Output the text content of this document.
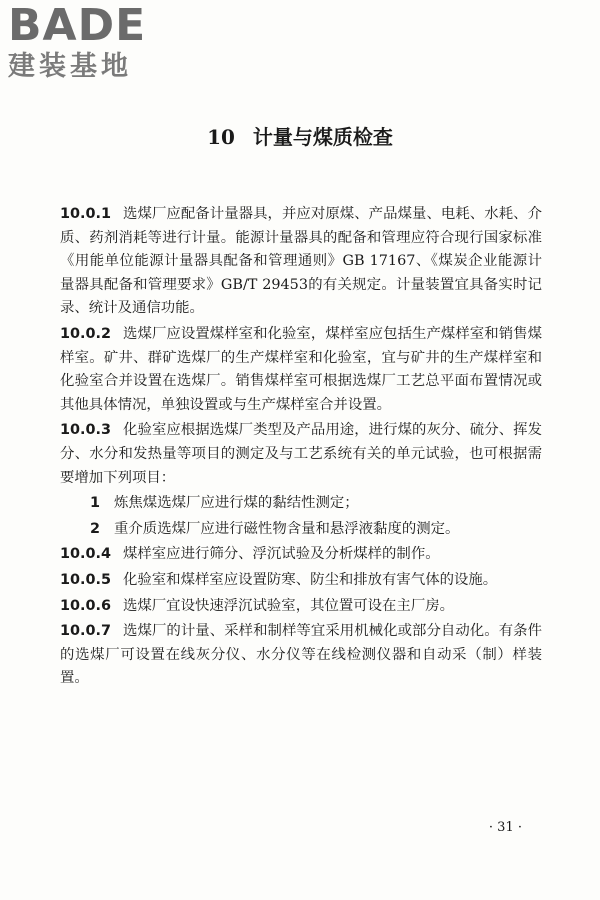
BADE
建装基地
10 计量与煤质检查

10.0.1 选煤厂应配备计量器具，并应对原煤、产品煤量、电耗、水耗、介质、药剂消耗等进行计量。能源计量器具的配备和管理应符合现行国家标准《用能单位能源计量器具配备和管理通则》GB 17167、《煤炭企业能源计量器具配备和管理要求》GB/T 29453的有关规定。计量装置宜具备实时记录、统计及通信功能。

10.0.2 选煤厂应设置煤样室和化验室，煤样室应包括生产煤样室和销售煤样室。矿井、群矿选煤厂的生产煤样室和化验室，宜与矿井的生产煤样室和化验室合并设置在选煤厂。销售煤样室可根据选煤厂工艺总平面布置情况或其他具体情况，单独设置或与生产煤样室合并设置。

10.0.3 化验室应根据选煤厂类型及产品用途，进行煤的灰分、硫分、挥发分、水分和发热量等项目的测定及与工艺系统有关的单元试验，也可根据需要增加下列项目：

1 炼焦煤选煤厂应进行煤的黏结性测定；

2 重介质选煤厂应进行磁性物含量和悬浮液黏度的测定。

10.0.4 煤样室应进行筛分、浮沉试验及分析煤样的制作。

10.0.5 化验室和煤样室应设置防寒、防尘和排放有害气体的设施。

10.0.6 选煤厂宜设快速浮沉试验室，其位置可设在主厂房。

10.0.7 选煤厂的计量、采样和制样等宜采用机械化或部分自动化。有条件的选煤厂可设置在线灰分仪、水分仪等在线检测仪器和自动采（制）样装置。

· 31 ·
